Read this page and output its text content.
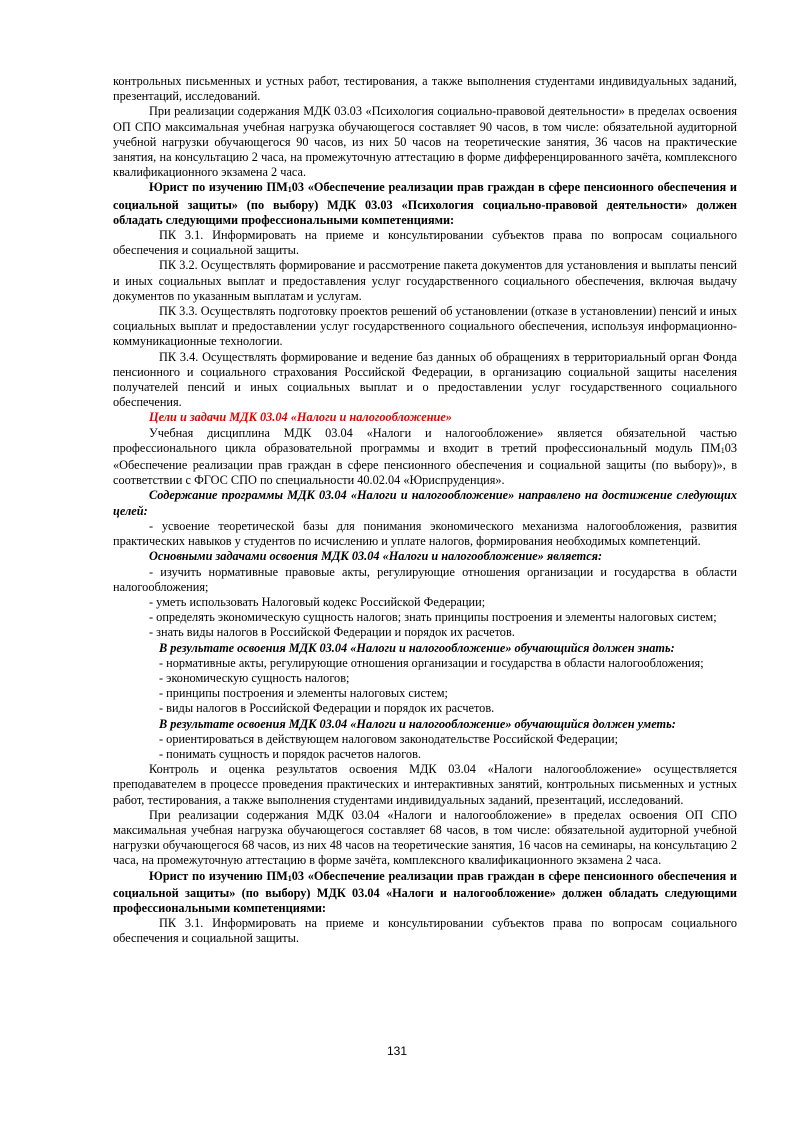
контрольных письменных и устных работ, тестирования, а также выполнения студентами индивидуальных заданий, презентаций, исследований.

При реализации содержания МДК 03.03 «Психология социально-правовой деятельности» в пределах освоения ОП СПО максимальная учебная нагрузка обучающегося составляет 90 часов, в том числе: обязательной аудиторной учебной нагрузки обучающегося 90 часов, из них 50 часов на теоретические занятия, 36 часов на практические занятия, на консультацию 2 часа, на промежуточную аттестацию в форме дифференцированного зачёта, комплексного квалификационного экзамена 2 часа.

Юрист по изучению ПМ103 «Обеспечение реализации прав граждан в сфере пенсионного обеспечения и социальной защиты» (по выбору) МДК 03.03 «Психология социально-правовой деятельности» должен обладать следующими профессиональными компетенциями:

ПК 3.1. Информировать на приеме и консультировании субъектов права по вопросам социального обеспечения и социальной защиты.

ПК 3.2. Осуществлять формирование и рассмотрение пакета документов для установления и выплаты пенсий и иных социальных выплат и предоставления услуг государственного социального обеспечения, включая выдачу документов по указанным выплатам и услугам.

ПК 3.3. Осуществлять подготовку проектов решений об установлении (отказе в установлении) пенсий и иных социальных выплат и предоставлении услуг государственного социального обеспечения, используя информационно-коммуникационные технологии.

ПК 3.4. Осуществлять формирование и ведение баз данных об обращениях в территориальный орган Фонда пенсионного и социального страхования Российской Федерации, в организацию социальной защиты населения получателей пенсий и иных социальных выплат и о предоставлении услуг государственного социального обеспечения.

Цели и задачи МДК 03.04 «Налоги и налогообложение»

Учебная дисциплина МДК 03.04 «Налоги и налогообложение» является обязательной частью профессионального цикла образовательной программы и входит в третий профессиональный модуль ПМ103 «Обеспечение реализации прав граждан в сфере пенсионного обеспечения и социальной защиты (по выбору)», в соответствии с ФГОС СПО по специальности 40.02.04 «Юриспруденция».

Содержание программы МДК 03.04 «Налоги и налогообложение» направлено на достижение следующих целей:

- усвоение теоретической базы для понимания экономического механизма налогообложения, развития практических навыков у студентов по исчислению и уплате налогов, формирования необходимых компетенций.

Основными задачами освоения МДК 03.04 «Налоги и налогообложение» является:

- изучить нормативные правовые акты, регулирующие отношения организации и государства в области налогообложения;

- уметь использовать Налоговый кодекс Российской Федерации;

- определять экономическую сущность налогов; знать принципы построения и элементы налоговых систем;

- знать виды налогов в Российской Федерации и порядок их расчетов.

В результате освоения МДК 03.04 «Налоги и налогообложение» обучающийся должен знать:

- нормативные акты, регулирующие отношения организации и государства в области налогообложения;

- экономическую сущность налогов;

- принципы построения и элементы налоговых систем;

- виды налогов в Российской Федерации и порядок их расчетов.

В результате освоения МДК 03.04 «Налоги и налогообложение» обучающийся должен уметь:

- ориентироваться в действующем налоговом законодательстве Российской Федерации;

- понимать сущность и порядок расчетов налогов.

Контроль и оценка результатов освоения МДК 03.04 «Налоги налогообложение» осуществляется преподавателем в процессе проведения практических и интерактивных занятий, контрольных письменных и устных работ, тестирования, а также выполнения студентами индивидуальных заданий, презентаций, исследований.

При реализации содержания МДК 03.04 «Налоги и налогообложение» в пределах освоения ОП СПО максимальная учебная нагрузка обучающегося составляет 68 часов, в том числе: обязательной аудиторной учебной нагрузки обучающегося 68 часов, из них 48 часов на теоретические занятия, 16 часов на семинары, на консультацию 2 часа, на промежуточную аттестацию в форме зачёта, комплексного квалификационного экзамена 2 часа.

Юрист по изучению ПМ103 «Обеспечение реализации прав граждан в сфере пенсионного обеспечения и социальной защиты» (по выбору) МДК 03.04 «Налоги и налогообложение» должен обладать следующими профессиональными компетенциями:

ПК 3.1. Информировать на приеме и консультировании субъектов права по вопросам социального обеспечения и социальной защиты.

131
